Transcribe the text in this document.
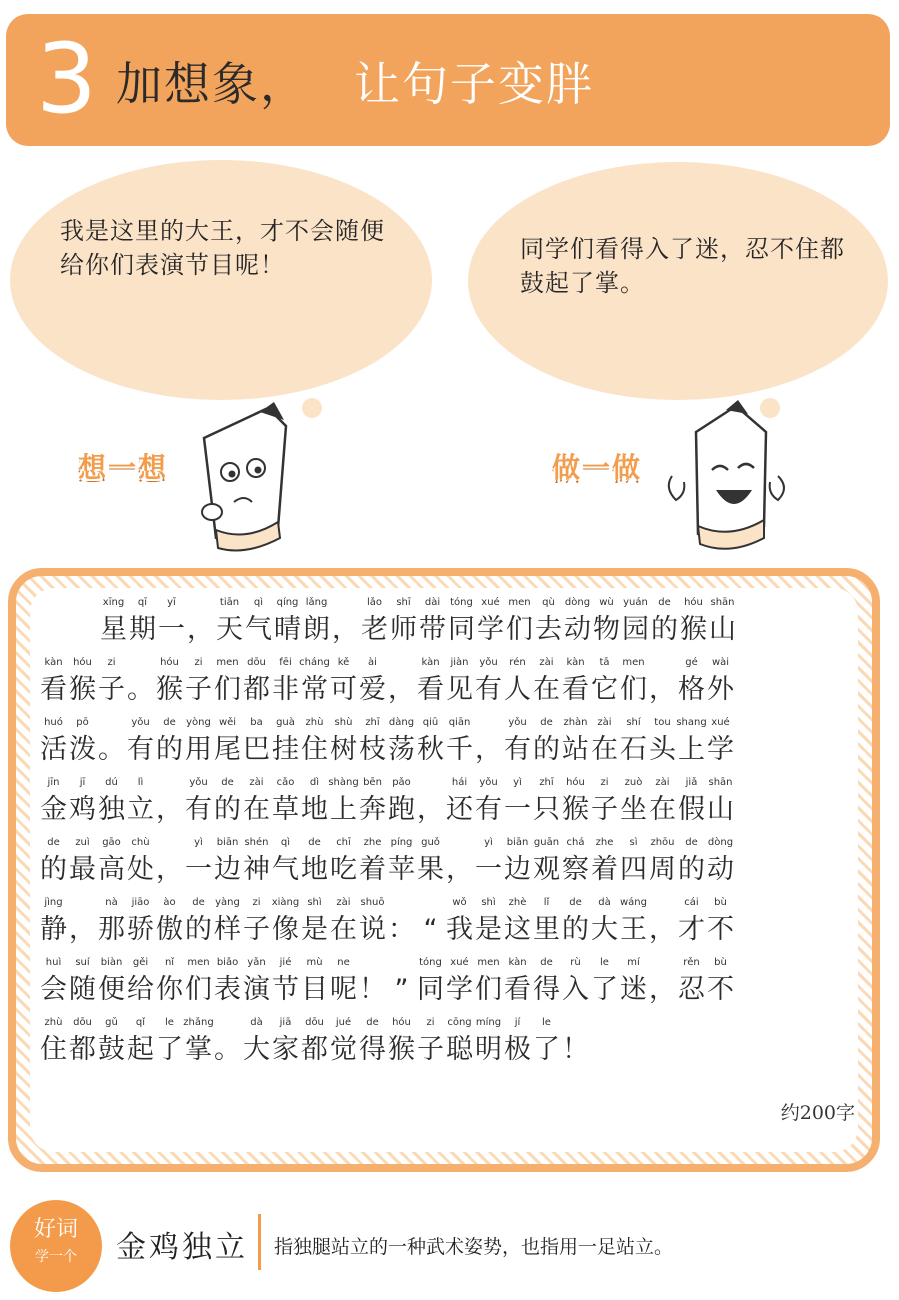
3 加想象， 让句子变胖
我是这里的大王，才不会随便给你们表演节目呢！
同学们看得入了迷，忍不住都鼓起了掌。
想一想	做一做
xīng
星
qī
期
yī
一 ，
tiān
天
qì
气
qíng
晴
lǎng
朗 ，
lǎo
老
shī
师
dài
带
tóng
同
xué
学
men
们
qù
去
dòng
动
wù
物
yuán
园
de
的
hóu
猴
shān
山
kàn
看
hóu
猴
zi
子 。
hóu
猴
zi
子
men
们
dōu
都
fēi
非
cháng
常
kě
可
ài
爱 ，
kàn
看
jiàn
见
yǒu
有
rén
人
zài
在
kàn
看
tā
它
men
们 ，
gé
格
wài
外
huó
活
pō
泼 。
yǒu
有
de
的
yòng
用
wěi
尾
ba
巴
guà
挂
zhù
住
shù
树
zhī
枝
dàng
荡
qiū
秋
qiān
千 ，
yǒu
有
de
的
zhàn
站
zài
在
shí
石
tou
头
shang
上
xué
学
jīn
金
jī
鸡
dú
独
lì
立 ，
yǒu
有
de
的
zài
在
cǎo
草
dì
地
shàng
上
bēn
奔
pǎo
跑 ，
hái
还
yǒu
有
yì
一
zhī
只
hóu
猴
zi
子
zuò
坐
zài
在
jiǎ
假
shān
山
de
的
zuì
最
gāo
高
chù
处 ，
yì
一
biān
边
shén
神
qì
气
de
地
chī
吃
zhe
着
píng
苹
guǒ
果 ，
yì
一
biān
边
guān
观
chá
察
zhe
着
sì
四
zhōu
周
de
的
dòng
动
jìng
静 ，
nà
那
jiāo
骄
ào
傲
de
的
yàng
样
zi
子
xiàng
像
shì
是
zài
在
shuō
说 ： “
wǒ
我
shì
是
zhè
这
lǐ
里
de
的
dà
大
wáng
王 ，
cái
才
bù
不
huì
会
suí
随
biàn
便
gěi
给
nǐ
你
men
们
biǎo
表
yǎn
演
jié
节
mù
目
ne
呢 ！ ”
tóng
同
xué
学
men
们
kàn
看
de
得
rù
入
le
了
mí
迷 ，
rěn
忍
bù
不
zhù
住
dōu
都
gǔ
鼓
qǐ
起
le
了
zhǎng
掌 。
dà
大
jiā
家
dōu
都
jué
觉
de
得
hóu
猴
zi
子
cōng
聪
míng
明
jí
极
le
了 ！
约200字
好词
学一个	金鸡独立 指独腿站立的一种武术姿势，也指用一足站立。
